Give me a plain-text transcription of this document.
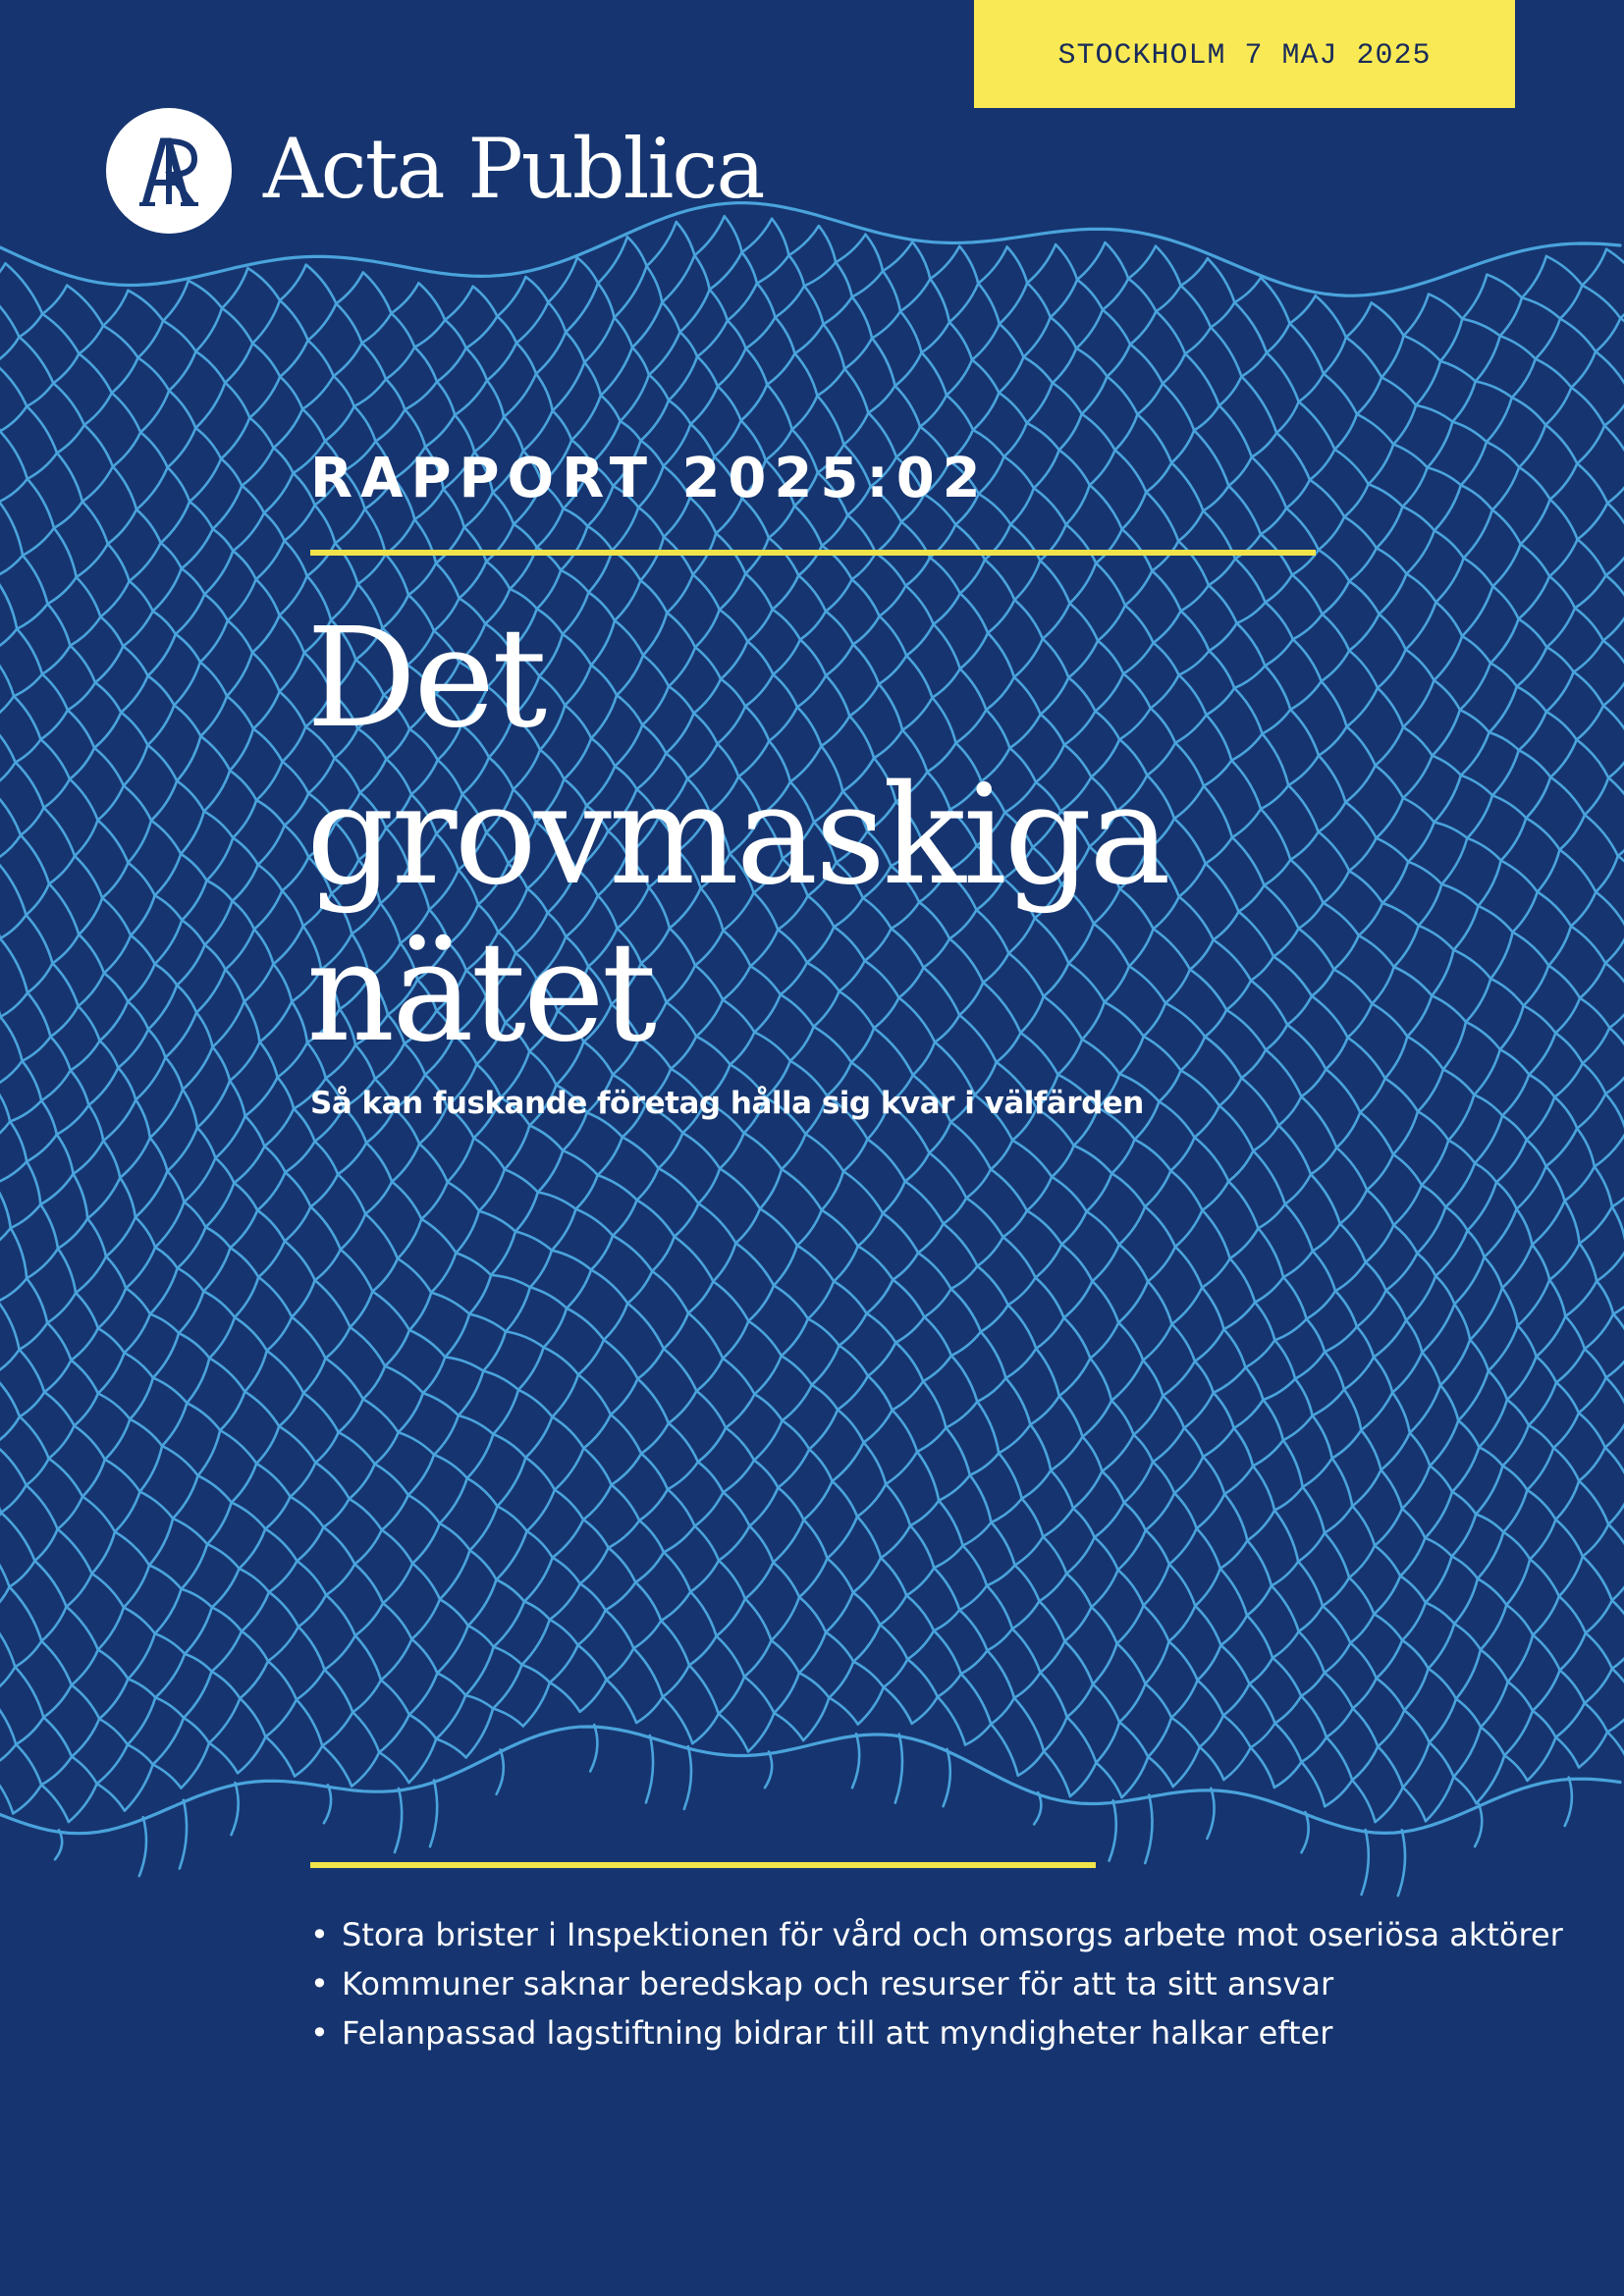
STOCKHOLM 7 MAJ 2025
Acta Publica
RAPPORT 2025:02
Det
grovmaskiga
nätet
Så kan fuskande företag hålla sig kvar i välfärden
• Stora brister i Inspektionen för vård och omsorgs arbete mot oseriösa aktörer
• Kommuner saknar beredskap och resurser för att ta sitt ansvar
• Felanpassad lagstiftning bidrar till att myndigheter halkar efter
